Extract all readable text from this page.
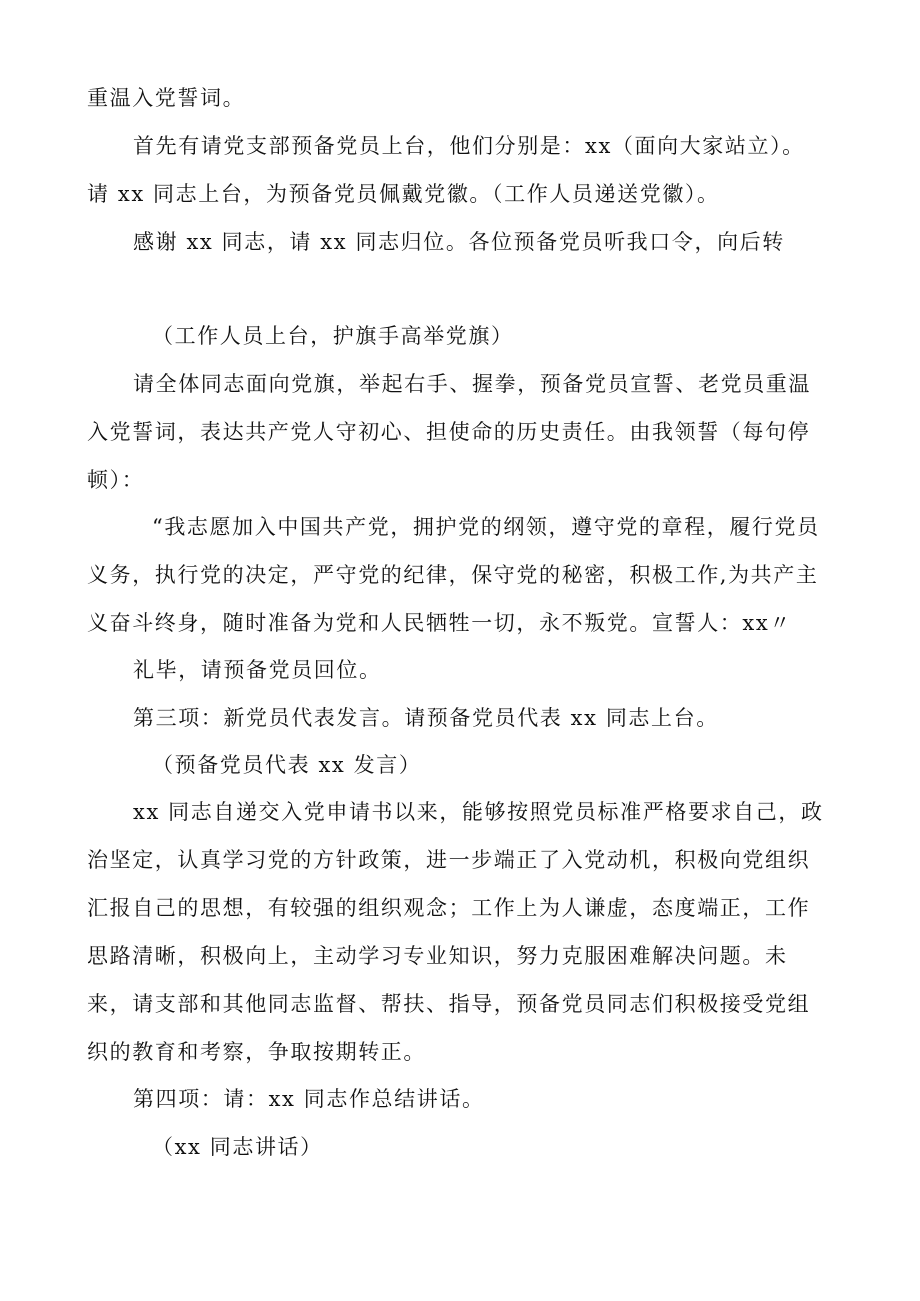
重温入党誓词。
首先有请党支部预备党员上台，他们分别是：xx（面向大家站立）。
请 xx 同志上台，为预备党员佩戴党徽。（工作人员递送党徽）。
感谢 xx 同志，请 xx 同志归位。各位预备党员听我口令，向后转
（工作人员上台，护旗手高举党旗）
请全体同志面向党旗，举起右手、握拳，预备党员宣誓、老党员重温
入党誓词，表达共产党人守初心、担使命的历史责任。由我领誓（每句停
顿）：
“我志愿加入中国共产党，拥护党的纲领，遵守党的章程，履行党员
义务，执行党的决定，严守党的纪律，保守党的秘密，积极工作,为共产主
义奋斗终身，随时准备为党和人民牺牲一切，永不叛党。宣誓人：xx〃
礼毕，请预备党员回位。
第三项：新党员代表发言。请预备党员代表 xx 同志上台。
（预备党员代表 xx 发言）
xx 同志自递交入党申请书以来，能够按照党员标准严格要求自己，政
治坚定，认真学习党的方针政策，进一步端正了入党动机，积极向党组织
汇报自己的思想，有较强的组织观念；工作上为人谦虚，态度端正，工作
思路清晰，积极向上，主动学习专业知识，努力克服困难解决问题。未
来，请支部和其他同志监督、帮扶、指导，预备党员同志们积极接受党组
织的教育和考察，争取按期转正。
第四项：请：xx 同志作总结讲话。
（xx 同志讲话）
